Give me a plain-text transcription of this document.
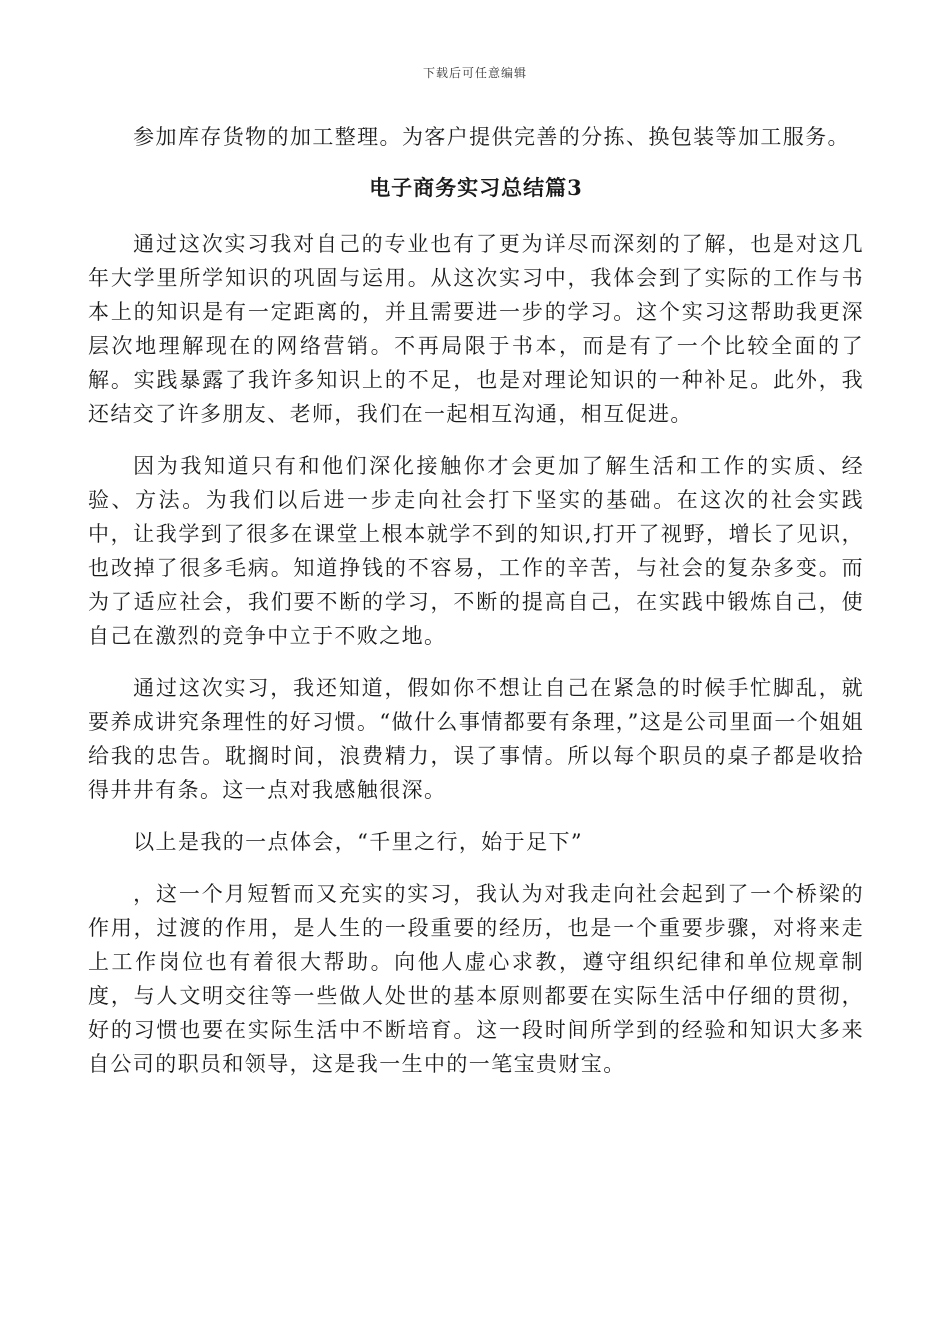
下载后可任意编辑

参加库存货物的加工整理。为客户提供完善的分拣、换包装等加工服务。

电子商务实习总结篇3

通过这次实习我对自己的专业也有了更为详尽而深刻的了解，也是对这几年大学里所学知识的巩固与运用。从这次实习中，我体会到了实际的工作与书本上的知识是有一定距离的，并且需要进一步的学习。这个实习这帮助我更深层次地理解现在的网络营销。不再局限于书本，而是有了一个比较全面的了解。实践暴露了我许多知识上的不足，也是对理论知识的一种补足。此外，我还结交了许多朋友、老师，我们在一起相互沟通，相互促进。

因为我知道只有和他们深化接触你才会更加了解生活和工作的实质、经验、方法。为我们以后进一步走向社会打下坚实的基础。在这次的社会实践中，让我学到了很多在课堂上根本就学不到的知识,打开了视野，增长了见识，也改掉了很多毛病。知道挣钱的不容易，工作的辛苦，与社会的复杂多变。而为了适应社会，我们要不断的学习，不断的提高自己，在实践中锻炼自己，使自己在激烈的竞争中立于不败之地。

通过这次实习，我还知道，假如你不想让自己在紧急的时候手忙脚乱，就要养成讲究条理性的好习惯。“做什么事情都要有条理，”这是公司里面一个姐姐给我的忠告。耽搁时间，浪费精力，误了事情。所以每个职员的桌子都是收拾得井井有条。这一点对我感触很深。

以上是我的一点体会，“千里之行，始于足下”

，这一个月短暂而又充实的实习，我认为对我走向社会起到了一个桥梁的作用，过渡的作用，是人生的一段重要的经历，也是一个重要步骤，对将来走上工作岗位也有着很大帮助。向他人虚心求教，遵守组织纪律和单位规章制度，与人文明交往等一些做人处世的基本原则都要在实际生活中仔细的贯彻，好的习惯也要在实际生活中不断培育。这一段时间所学到的经验和知识大多来自公司的职员和领导，这是我一生中的一笔宝贵财宝。
